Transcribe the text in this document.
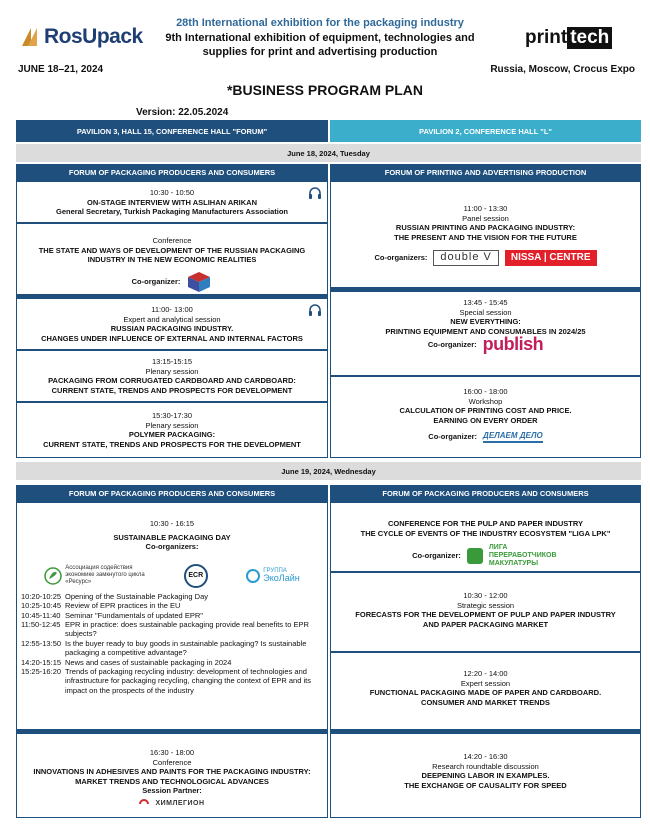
RosUpack
28th International exhibition for the packaging industry
9th International exhibition of equipment, technologies and supplies for print and advertising production
print tech
JUNE 18–21, 2024	Russia, Moscow, Crocus Expo
*BUSINESS PROGRAM PLAN
Version: 22.05.2024
PAVILION 3, HALL 15, CONFERENCE HALL "FORUM"	PAVILION 2, CONFERENCE HALL "L"
June 18, 2024, Tuesday
FORUM OF PACKAGING PRODUCERS AND CONSUMERS	FORUM OF PRINTING AND ADVERTISING PRODUCTION
10:30 - 10:50
ON-STAGE INTERVIEW WITH ASLIHAN ARIKAN
General Secretary, Turkish Packaging Manufacturers Association
Conference
THE STATE AND WAYS OF DEVELOPMENT OF THE RUSSIAN PACKAGING INDUSTRY IN THE NEW ECONOMIC REALITIES
Co-organizer:
11:00- 13:00
Expert and analytical session
RUSSIAN PACKAGING INDUSTRY.
CHANGES UNDER INFLUENCE OF EXTERNAL AND INTERNAL FACTORS
13:15-15:15
Plenary session
PACKAGING FROM CORRUGATED CARDBOARD AND CARDBOARD:
CURRENT STATE, TRENDS AND PROSPECTS FOR DEVELOPMENT
15:30-17:30
Plenary session
POLYMER PACKAGING:
CURRENT STATE, TRENDS AND PROSPECTS FOR THE DEVELOPMENT
11:00 - 13:30
Panel session
RUSSIAN PRINTING AND PACKAGING INDUSTRY:
THE PRESENT AND THE VISION FOR THE FUTURE
Co-organizers:	double V	NISSA | CENTRE
13:45 - 15:45
Special session
NEW EVERYTHING:
PRINTING EQUIPMENT AND CONSUMABLES IN 2024/25
Co-organizer: publish
16:00 - 18:00
Workshop
CALCULATION OF PRINTING COST AND PRICE.
EARNING ON EVERY ORDER
Co-organizer: ДЕЛАЕМ ДЕЛО
June 19, 2024, Wednesday
FORUM OF PACKAGING PRODUCERS AND CONSUMERS	FORUM OF PACKAGING PRODUCERS AND CONSUMERS
10:30 - 16:15
SUSTAINABLE PACKAGING DAY
Co-organizers:
Ассоциация содействия экономике замкнутого цикла «Ресурс»
ECR
ГРУППА
ЭкоЛайн
10:20-10:25 Opening of the Sustainable Packaging Day
10:25-10:45 Review of EPR practices in the EU
10:45-11:40 Seminar "Fundamentals of updated EPR"
11:50-12:45 EPR in practice: does sustainable packaging provide real benefits to EPR subjects?
12:55-13:50 Is the buyer ready to buy goods in sustainable packaging? Is sustainable packaging a competitive advantage?
14:20-15:15 News and cases of sustainable packaging in 2024
15:25-16:20 Trends of packaging recycling industry: development of technologies and infrastructure for packaging recycling, changing the context of EPR and its impact on the prospects of the industry
16:30 - 18:00
Conference
INNOVATIONS IN ADHESIVES AND PAINTS FOR THE PACKAGING INDUSTRY:
MARKET TRENDS AND TECHNOLOGICAL ADVANCES
Session Partner:
ХИМЛЕГИОН
CONFERENCE FOR THE PULP AND PAPER INDUSTRY
THE CYCLE OF EVENTS OF THE INDUSTRY ECOSYSTEM "LIGA LPK"
Co-organizer:
ЛИГА ПЕРЕРАБОТЧИКОВ МАКУЛАТУРЫ
10:30 - 12:00
Strategic session
FORECASTS FOR THE DEVELOPMENT OF PULP AND PAPER INDUSTRY
AND PAPER PACKAGING MARKET
12:20 - 14:00
Expert session
FUNCTIONAL PACKAGING MADE OF PAPER AND CARDBOARD.
CONSUMER AND MARKET TRENDS
14:20 - 16:30
Research roundtable discussion
DEEPENING LABOR IN EXAMPLES.
THE EXCHANGE OF CAUSALITY FOR SPEED
